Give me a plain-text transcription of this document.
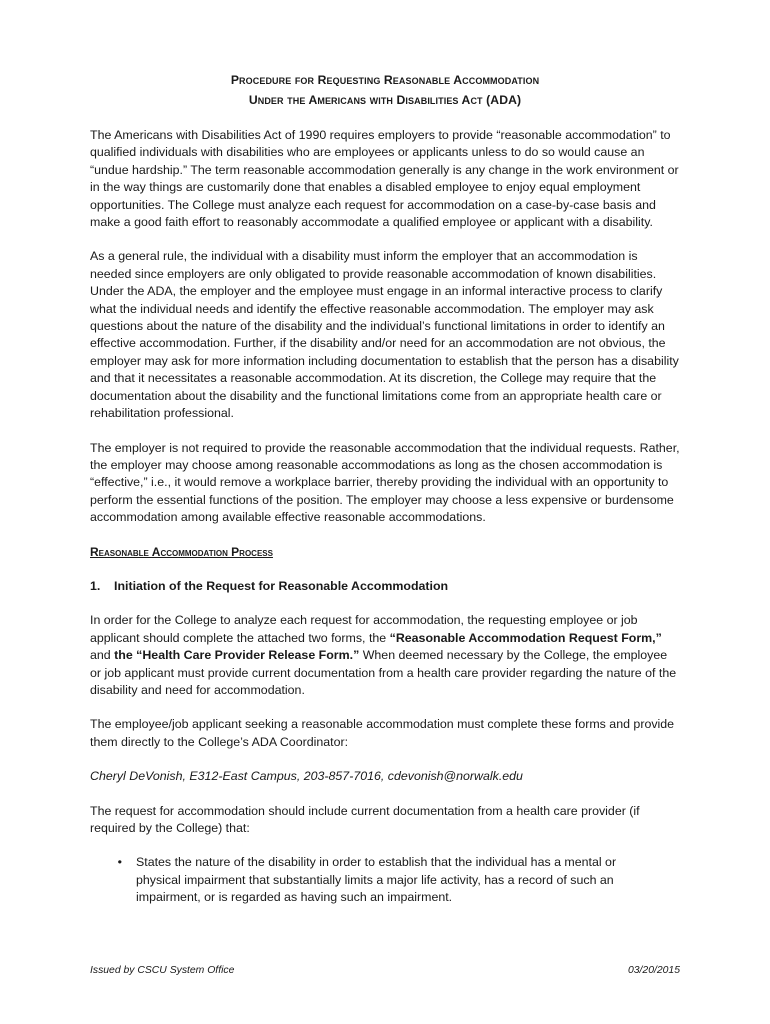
Procedure for Requesting Reasonable Accommodation
Under the Americans with Disabilities Act (ADA)

The Americans with Disabilities Act of 1990 requires employers to provide “reasonable accommodation” to qualified individuals with disabilities who are employees or applicants unless to do so would cause an “undue hardship.” The term reasonable accommodation generally is any change in the work environment or in the way things are customarily done that enables a disabled employee to enjoy equal employment opportunities. The College must analyze each request for accommodation on a case-by-case basis and make a good faith effort to reasonably accommodate a qualified employee or applicant with a disability.

As a general rule, the individual with a disability must inform the employer that an accommodation is needed since employers are only obligated to provide reasonable accommodation of known disabilities. Under the ADA, the employer and the employee must engage in an informal interactive process to clarify what the individual needs and identify the effective reasonable accommodation. The employer may ask questions about the nature of the disability and the individual’s functional limitations in order to identify an effective accommodation. Further, if the disability and/or need for an accommodation are not obvious, the employer may ask for more information including documentation to establish that the person has a disability and that it necessitates a reasonable accommodation. At its discretion, the College may require that the documentation about the disability and the functional limitations come from an appropriate health care or rehabilitation professional.

The employer is not required to provide the reasonable accommodation that the individual requests. Rather, the employer may choose among reasonable accommodations as long as the chosen accommodation is “effective,” i.e., it would remove a workplace barrier, thereby providing the individual with an opportunity to perform the essential functions of the position. The employer may choose a less expensive or burdensome accommodation among available effective reasonable accommodations.

Reasonable Accommodation Process
1.	Initiation of the Request for Reasonable Accommodation

In order for the College to analyze each request for accommodation, the requesting employee or job applicant should complete the attached two forms, the “Reasonable Accommodation Request Form,” and the “Health Care Provider Release Form.” When deemed necessary by the College, the employee or job applicant must provide current documentation from a health care provider regarding the nature of the disability and need for accommodation.

The employee/job applicant seeking a reasonable accommodation must complete these forms and provide them directly to the College’s ADA Coordinator:

Cheryl DeVonish, E312-East Campus, 203-857-7016, cdevonish@norwalk.edu

The request for accommodation should include current documentation from a health care provider (if required by the College) that:

•	States the nature of the disability in order to establish that the individual has a mental or physical impairment that substantially limits a major life activity, has a record of such an impairment, or is regarded as having such an impairment.
Issued by CSCU System Office	03/20/2015
